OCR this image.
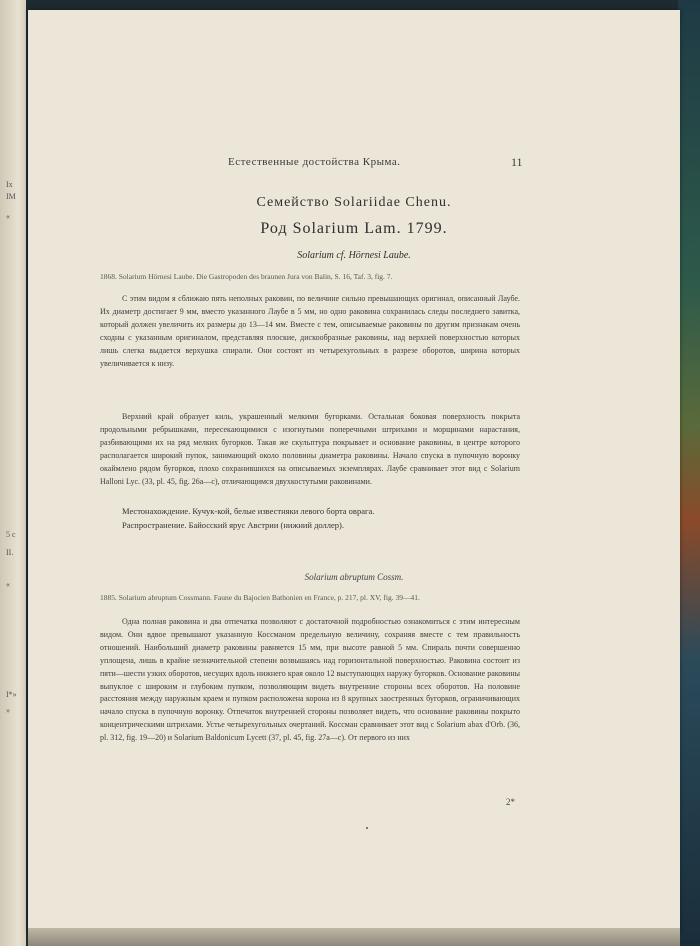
Ix
IM
«
5 c
II.
«
I*»
»
Естественные достойства Крыма.	11
Семейство Solariidae Chenu.
Род Solarium Lam. 1799.
Solarium cf. Hörnesi Laube.
1868. Solarium Hörnesi Laube. Die Gastropoden des braunen Jura von Balin, S. 16, Taf. 3, fig. 7.

С этим видом я сближаю пять неполных раковин, по величине сильно превышающих оригинал, описанный Лаубе. Их диаметр достигает 9 мм, вместо указанного Лаубе в 5 мм, но одно раковина сохранилась следы последнего завитка, который должен увеличить их размеры до 13—14 мм. Вместе с тем, описываемые раковины по другим признакам очень сходны с указанным оригиналом, представляя плоские, дискообразные раковины, над верхней поверхностью которых лишь слегка выдается верхушка спирали. Они состоят из четырехугольных в разрезе оборотов, ширина которых увеличивается к низу.

Верхний край образует киль, украшенный мелкими бугорками. Остальная боковая поверхность покрыта продольными ребрышками, пересекающимися с изогнутыми поперечными штрихами и морщинами нарастания, разбивающими их на ряд мелких бугорков. Такая же скульптура покрывает и основание раковины, в центре которого располагается широкий пупок, занимающий около половины диаметра раковины. Начало спуска в пупочную воронку окаймлено рядом бугорков, плохо сохранившихся на описываемых экземплярах. Лаубе сравнивает этот вид с Solarium Halloni Lyc. (33, pl. 45, fig. 26a—c), отличающимся двухкостутыми раковинами.

Местонахождение. Кучук-кой, белые известняки левого борта оврага.
Распространение. Байосский ярус Австрии (нижний доллер).
Solarium abruptum Cossm.
1885. Solarium abruptum Cossmann. Faune du Bajocien Bathonien en France, p. 217, pl. XV, fig. 39—41.

Одна полная раковина и два отпечатка позволяют с достаточной подробностью ознакомиться с этим интересным видом. Они вдвое превышают указанную Коссманом предельную величину, сохраняя вместе с тем правильность отношений. Наибольший диаметр раковины равняется 15 мм, при высоте равной 5 мм. Спираль почти совершенно уплощена, лишь в крайне незначительной степени возвышаясь над горизонтальной поверхностью. Раковина состоит из пяти—шести узких оборотов, несущих вдоль нижнего края около 12 выступающих наружу бугорков. Основание раковины выпуклое с широким и глубоким пупком, позволяющим видеть внутренние стороны всех оборотов. На половине расстояния между наружным краем и пупком расположена корона из 8 крупных заостренных бугорков, ограничивающих начало спуска в пупочную воронку. Отпечаток внутренней стороны позволяет видеть, что основание раковины покрыто концентрическими штрихами. Устье четырехугольных очертаний. Коссман сравнивает этот вид с Solarium abax d'Orb. (36, pl. 312, fig. 19—20) и Solarium Baldonicum Lycett (37, pl. 45, fig. 27a—c). От первого из них

2*
